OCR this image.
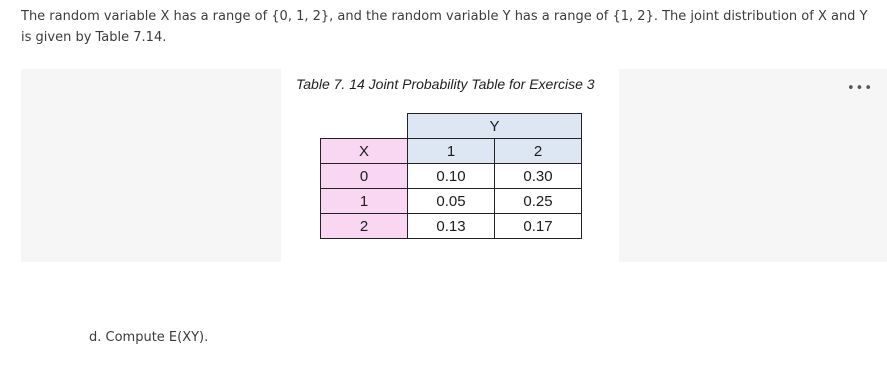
The random variable X has a range of {0, 1, 2}, and the random variable Y has a range of {1, 2}. The joint distribution of X and Y is given by Table 7.14.
•••
Table 7. 14 Joint Probability Table for Exercise 3
	Y	
X	1	2
0	0.10	0.30
1	0.05	0.25
2	0.13	0.17
d. Compute E(XY).
